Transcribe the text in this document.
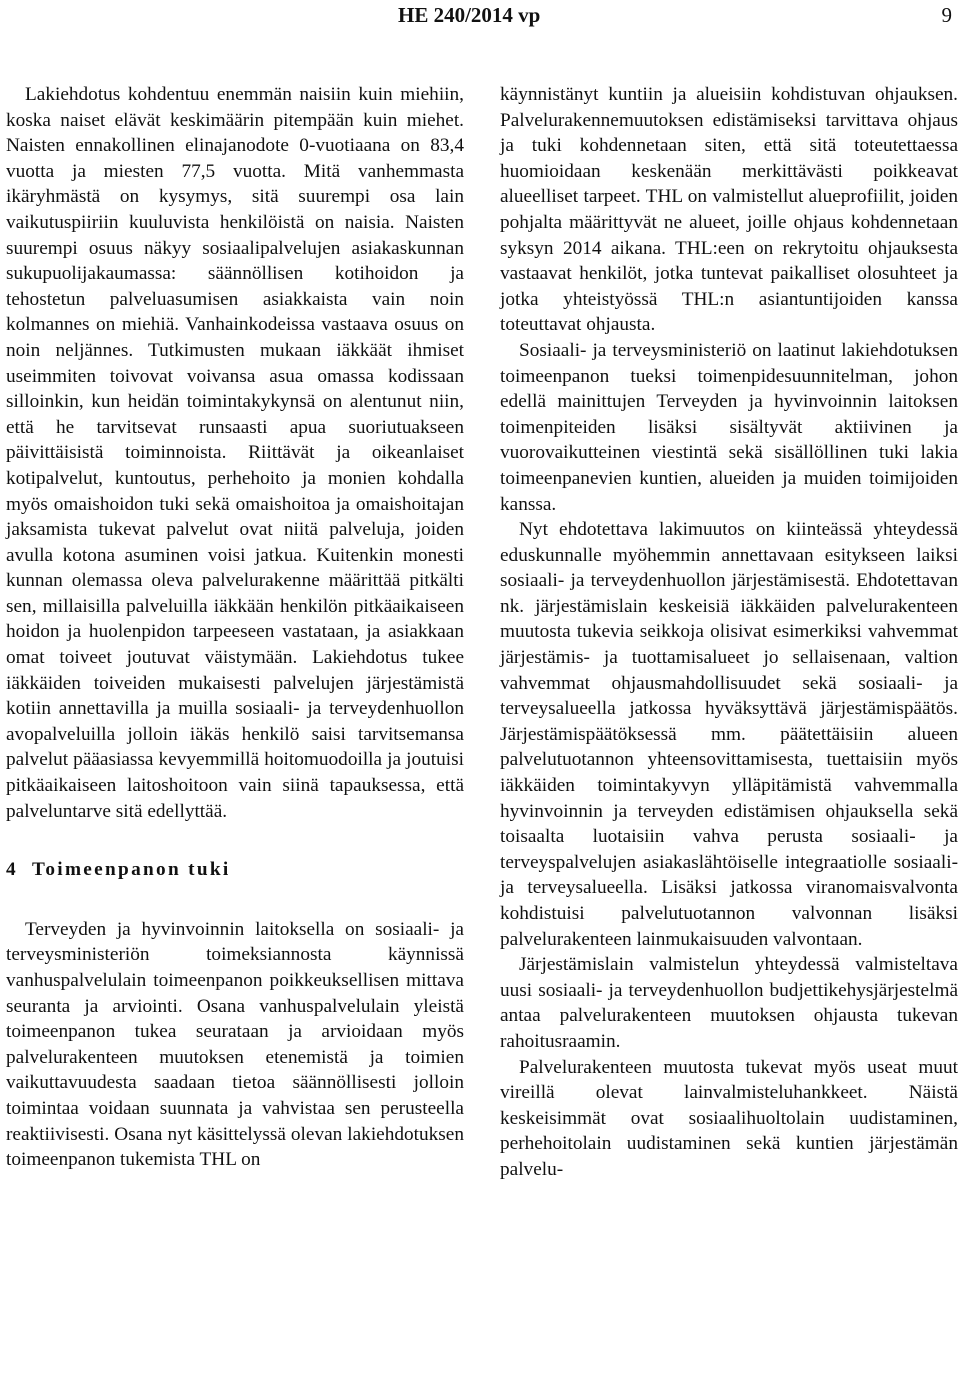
HE 240/2014 vp	9

Lakiehdotus kohdentuu enemmän naisiin kuin miehiin, koska naiset elävät keskimäärin pitempään kuin miehet. Naisten ennakollinen elinajanodote 0-vuotiaana on 83,4 vuotta ja miesten 77,5 vuotta. Mitä vanhemmasta ikäryhmästä on kysymys, sitä suurempi osa lain vaikutuspiiriin kuuluvista henkilöistä on naisia. Naisten suurempi osuus näkyy sosiaalipalvelujen asiakaskunnan sukupuolijakaumassa: säännöllisen kotihoidon ja tehostetun palveluasumisen asiakkaista vain noin kolmannes on miehiä. Vanhainkodeissa vastaava osuus on noin neljännes. Tutkimusten mukaan iäkkäät ihmiset useimmiten toivovat voivansa asua omassa kodissaan silloinkin, kun heidän toimintakykynsä on alentunut niin, että he tarvitsevat runsaasti apua suoriutuakseen päivittäisistä toiminnoista. Riittävät ja oikeanlaiset kotipalvelut, kuntoutus, perhehoito ja monien kohdalla myös omaishoidon tuki sekä omaishoitoa ja omaishoitajan jaksamista tukevat palvelut ovat niitä palveluja, joiden avulla kotona asuminen voisi jatkua. Kuitenkin monesti kunnan olemassa oleva palvelurakenne määrittää pitkälti sen, millaisilla palveluilla iäkkään henkilön pitkäaikaiseen hoidon ja huolenpidon tarpeeseen vastataan, ja asiakkaan omat toiveet joutuvat väistymään. Lakiehdotus tukee iäkkäiden toiveiden mukaisesti palvelujen järjestämistä kotiin annettavilla ja muilla sosiaali- ja terveydenhuollon avopalveluilla jolloin iäkäs henkilö saisi tarvitsemansa palvelut pääasiassa kevyemmillä hoitomuodoilla ja joutuisi pitkäaikaiseen laitoshoitoon vain siinä tapauksessa, että palveluntarve sitä edellyttää.

4 Toimeenpanon tuki

Terveyden ja hyvinvoinnin laitoksella on sosiaali- ja terveysministeriön toimeksiannosta käynnissä vanhuspalvelulain toimeenpanon poikkeuksellisen mittava seuranta ja arviointi. Osana vanhuspalvelulain yleistä toimeenpanon tukea seurataan ja arvioidaan myös palvelurakenteen muutoksen etenemistä ja toimien vaikuttavuudesta saadaan tietoa säännöllisesti jolloin toimintaa voidaan suunnata ja vahvistaa sen perusteella reaktiivisesti. Osana nyt käsittelyssä olevan lakiehdotuksen toimeenpanon tukemista THL on

käynnistänyt kuntiin ja alueisiin kohdistuvan ohjauksen. Palvelurakennemuutoksen edistämiseksi tarvittava ohjaus ja tuki kohdennetaan siten, että sitä toteutettaessa huomioidaan keskenään merkittävästi poikkeavat alueelliset tarpeet. THL on valmistellut alueprofiilit, joiden pohjalta määrittyvät ne alueet, joille ohjaus kohdennetaan syksyn 2014 aikana. THL:een on rekrytoitu ohjauksesta vastaavat henkilöt, jotka tuntevat paikalliset olosuhteet ja jotka yhteistyössä THL:n asiantuntijoiden kanssa toteuttavat ohjausta.

Sosiaali- ja terveysministeriö on laatinut lakiehdotuksen toimeenpanon tueksi toimenpidesuunnitelman, johon edellä mainittujen Terveyden ja hyvinvoinnin laitoksen toimenpiteiden lisäksi sisältyvät aktiivinen ja vuorovaikutteinen viestintä sekä sisällöllinen tuki lakia toimeenpanevien kuntien, alueiden ja muiden toimijoiden kanssa.

Nyt ehdotettava lakimuutos on kiinteässä yhteydessä eduskunnalle myöhemmin annettavaan esitykseen laiksi sosiaali- ja terveydenhuollon järjestämisestä. Ehdotettavan nk. järjestämislain keskeisiä iäkkäiden palvelurakenteen muutosta tukevia seikkoja olisivat esimerkiksi vahvemmat järjestämis- ja tuottamisalueet jo sellaisenaan, valtion vahvemmat ohjausmahdollisuudet sekä sosiaali- ja terveysalueella jatkossa hyväksyttävä järjestämispäätös. Järjestämispäätöksessä mm. päätettäisiin alueen palvelutuotannon yhteensovittamisesta, tuettaisiin myös iäkkäiden toimintakyvyn ylläpitämistä vahvemmalla hyvinvoinnin ja terveyden edistämisen ohjauksella sekä toisaalta luotaisiin vahva perusta sosiaali- ja terveyspalvelujen asiakaslähtöiselle integraatiolle sosiaali- ja terveysalueella. Lisäksi jatkossa viranomaisvalvonta kohdistuisi palvelutuotannon valvonnan lisäksi palvelurakenteen lainmukaisuuden valvontaan.

Järjestämislain valmistelun yhteydessä valmisteltava uusi sosiaali- ja terveydenhuollon budjettikehysjärjestelmä antaa palvelurakenteen muutoksen ohjausta tukevan rahoitusraamin.

Palvelurakenteen muutosta tukevat myös useat muut vireillä olevat lainvalmisteluhankkeet. Näistä keskeisimmät ovat sosiaalihuoltolain uudistaminen, perhehoitolain uudistaminen sekä kuntien järjestämän palvelu-
